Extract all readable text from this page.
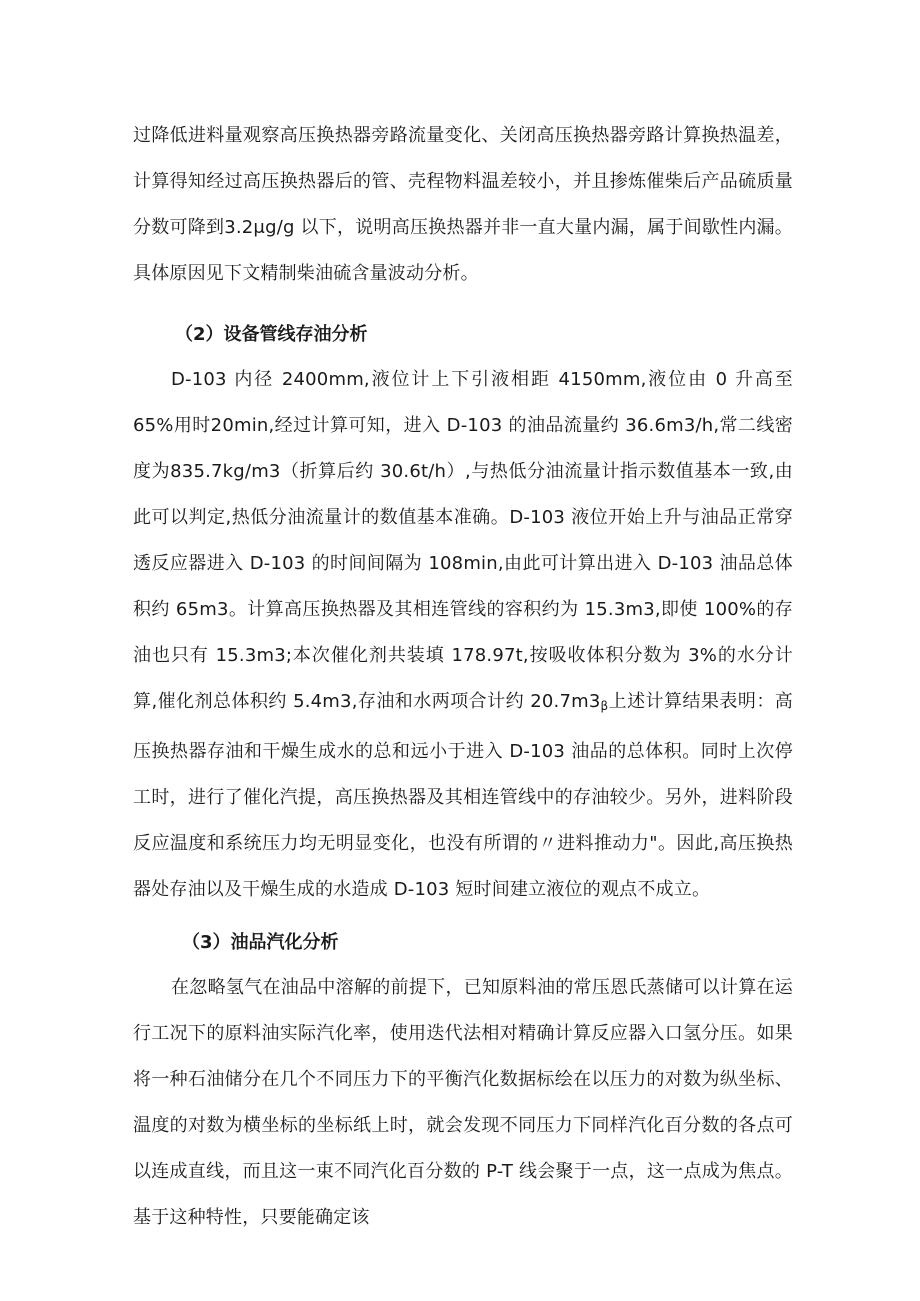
过降低进料量观察高压换热器旁路流量变化、关闭高压换热器旁路计算换热温差，计算得知经过高压换热器后的管、壳程物料温差较小，并且掺炼催柴后产品硫质量分数可降到3.2μg∕g 以下，说明高压换热器并非一直大量内漏，属于间歇性内漏。具体原因见下文精制柴油硫含量波动分析。

（2）设备管线存油分析

D-103 内径 2400mm,液位计上下引液相距 4150mm,液位由 0 升高至 65%用时20min,经过计算可知，进入 D-103 的油品流量约 36.6m3∕h,常二线密度为835.7kg∕m3（折算后约 30.6t∕h）,与热低分油流量计指示数值基本一致,由此可以判定,热低分油流量计的数值基本准确。D-103 液位开始上升与油品正常穿透反应器进入 D-103 的时间间隔为 108min,由此可计算出进入 D-103 油品总体积约 65m3。计算高压换热器及其相连管线的容积约为 15.3m3,即使 100%的存油也只有 15.3m3;本次催化剂共装填 178.97t,按吸收体积分数为 3%的水分计算,催化剂总体积约 5.4m3,存油和水两项合计约 $20.7m3_\beta$上述计算结果表明：高压换热器存油和干燥生成水的总和远小于进入 D-103 油品的总体积。同时上次停工时，进行了催化汽提，高压换热器及其相连管线中的存油较少。另外，进料阶段反应温度和系统压力均无明显变化，也没有所谓的〃进料推动力"。因此,高压换热器处存油以及干燥生成的水造成 D-103 短时间建立液位的观点不成立。

（3）油品汽化分析

在忽略氢气在油品中溶解的前提下，已知原料油的常压恩氏蒸储可以计算在运行工况下的原料油实际汽化率，使用迭代法相对精确计算反应器入口氢分压。如果将一种石油储分在几个不同压力下的平衡汽化数据标绘在以压力的对数为纵坐标、温度的对数为横坐标的坐标纸上时，就会发现不同压力下同样汽化百分数的各点可以连成直线，而且这一束不同汽化百分数的 P-T 线会聚于一点，这一点成为焦点。基于这种特性，只要能确定该
